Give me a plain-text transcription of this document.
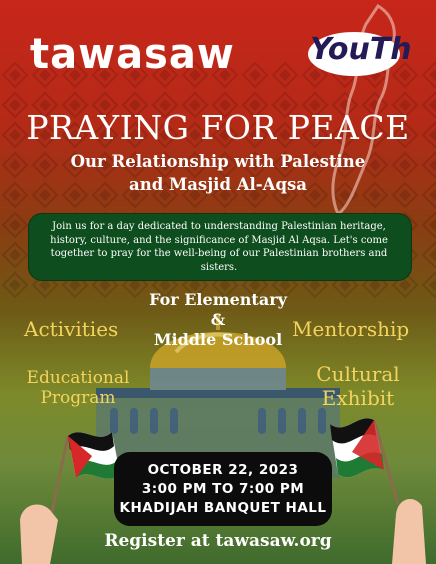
tawasaw	YouTh
PRAYING FOR PEACE
Our Relationship with Palestine and Masjid Al-Aqsa
Join us for a day dedicated to understanding Palestinian heritage, history, culture, and the significance of Masjid Al Aqsa. Let's come together to pray for the well-being of our Palestinian brothers and sisters.
For Elementary
&
Middle School
Activities	Mentorship
Educational
Program
Cultural
Exhibit
OCTOBER 22, 2023
3:00 PM TO 7:00 PM
KHADIJAH BANQUET HALL
Register at tawasaw.org
